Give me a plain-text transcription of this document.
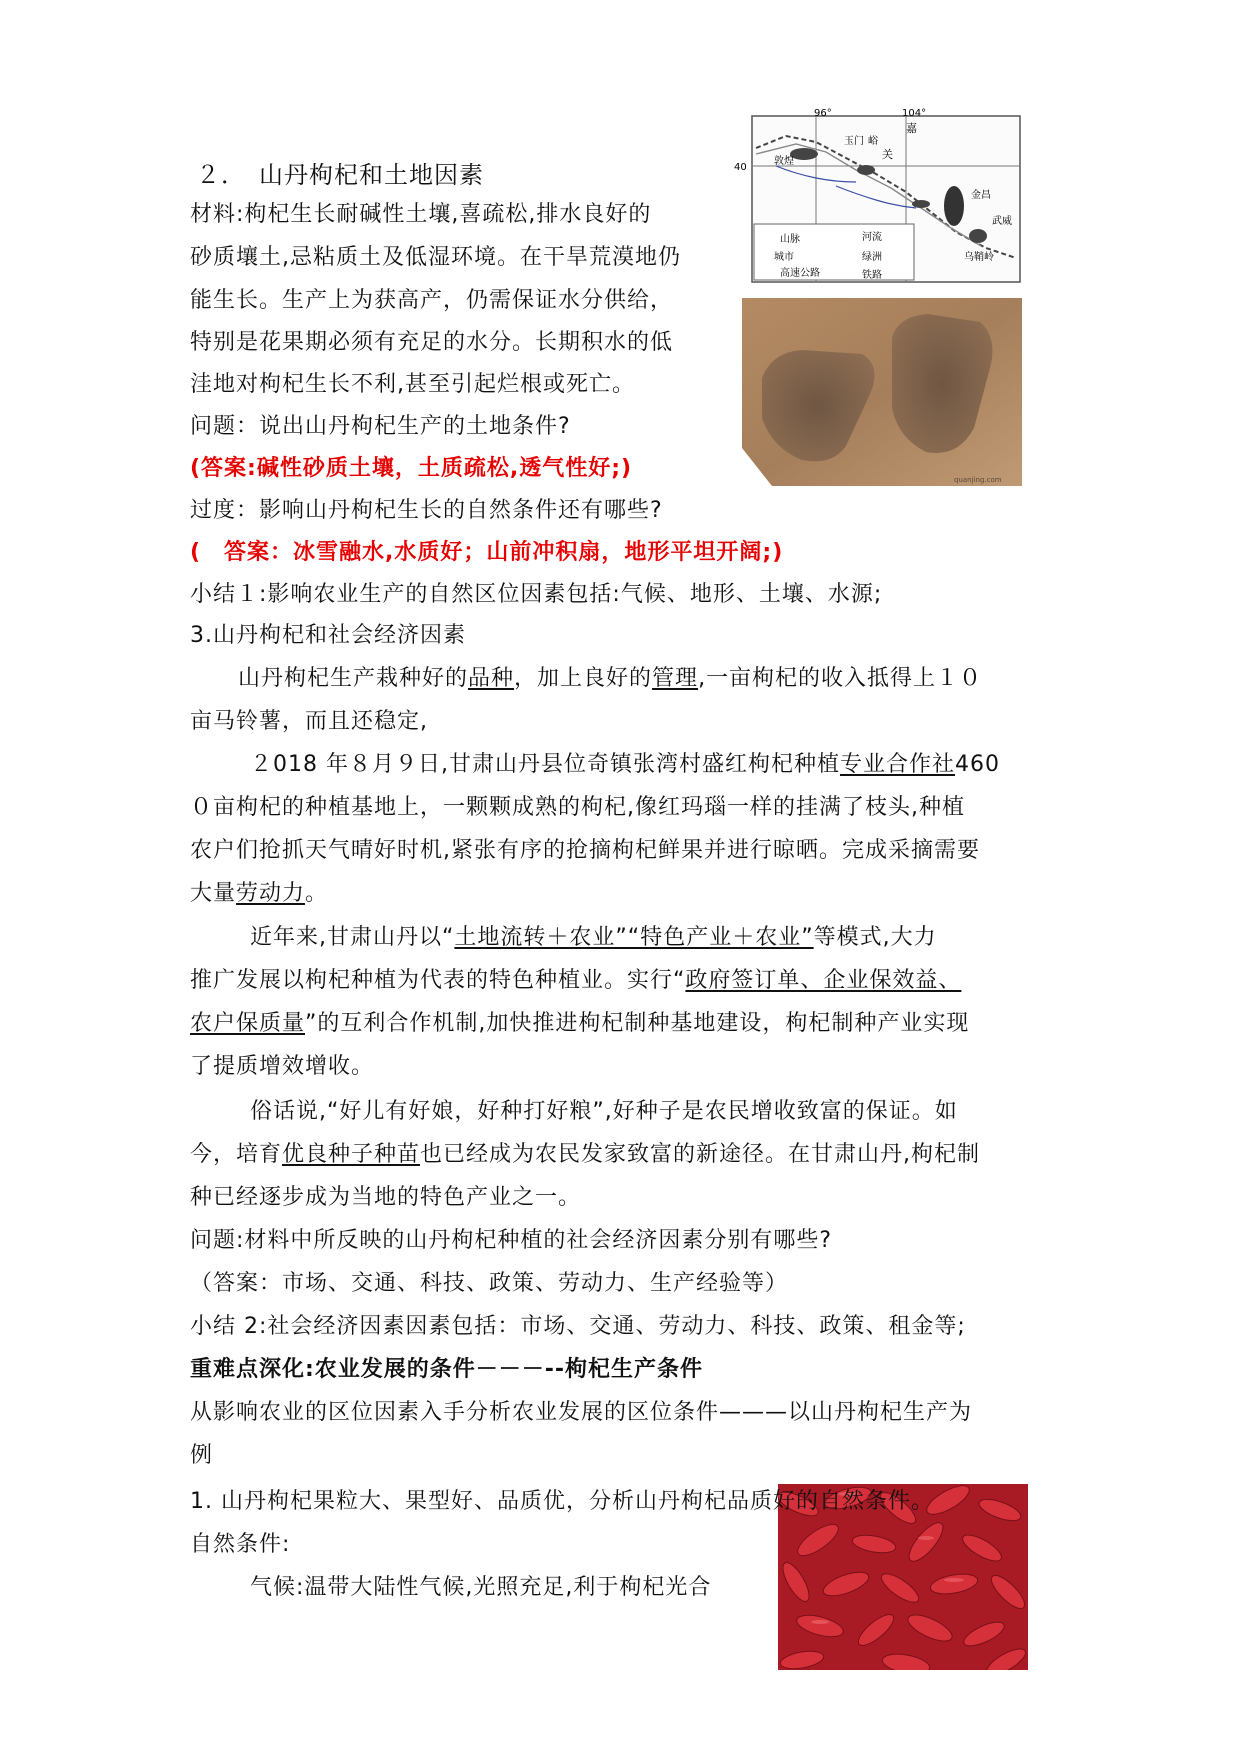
96°	104°
40
嘉
玉门 峪
关
敦煌
金昌
武威
乌鞘岭
山脉	河流
城市	绿洲
高速公路	铁路
quanjing.com
２．　山丹枸杞和土地因素
材料:枸杞生长耐碱性土壤,喜疏松,排水良好的
砂质壤土,忌粘质土及低湿环境。在干旱荒漠地仍
能生长。生产上为获高产，仍需保证水分供给，
特别是花果期必须有充足的水分。长期积水的低
洼地对枸杞生长不利,甚至引起烂根或死亡。
问题：说出山丹枸杞生产的土地条件?
(答案:碱性砂质土壤，土质疏松,透气性好;)
过度：影响山丹枸杞生长的自然条件还有哪些?
(　答案：冰雪融水,水质好；山前冲积扇，地形平坦开阔;)
小结１:影响农业生产的自然区位因素包括:气候、地形、土壤、水源;
3.山丹枸杞和社会经济因素
山丹枸杞生产栽种好的品种，加上良好的管理,一亩枸杞的收入抵得上１０
亩马铃薯，而且还稳定,
２018 年８月９日,甘肃山丹县位奇镇张湾村盛红枸杞种植专业合作社460
０亩枸杞的种植基地上，一颗颗成熟的枸杞,像红玛瑙一样的挂满了枝头,种植
农户们抢抓天气晴好时机,紧张有序的抢摘枸杞鲜果并进行晾晒。完成采摘需要
大量劳动力。
近年来,甘肃山丹以“土地流转＋农业”“特色产业＋农业”等模式,大力
推广发展以枸杞种植为代表的特色种植业。实行“政府签订单、企业保效益、
农户保质量”的互利合作机制,加快推进枸杞制种基地建设，枸杞制种产业实现
了提质增效增收。
俗话说,“好儿有好娘，好种打好粮”,好种子是农民增收致富的保证。如
今，培育优良种子种苗也已经成为农民发家致富的新途径。在甘肃山丹,枸杞制
种已经逐步成为当地的特色产业之一。
问题:材料中所反映的山丹枸杞种植的社会经济因素分别有哪些?
（答案：市场、交通、科技、政策、劳动力、生产经验等）
小结 2:社会经济因素因素包括：市场、交通、劳动力、科技、政策、租金等;
重难点深化:农业发展的条件－－－--枸杞生产条件
从影响农业的区位因素入手分析农业发展的区位条件———以山丹枸杞生产为
例
1. 山丹枸杞果粒大、果型好、品质优，分析山丹枸杞品质好的自然条件。
自然条件:
气候:温带大陆性气候,光照充足,利于枸杞光合
